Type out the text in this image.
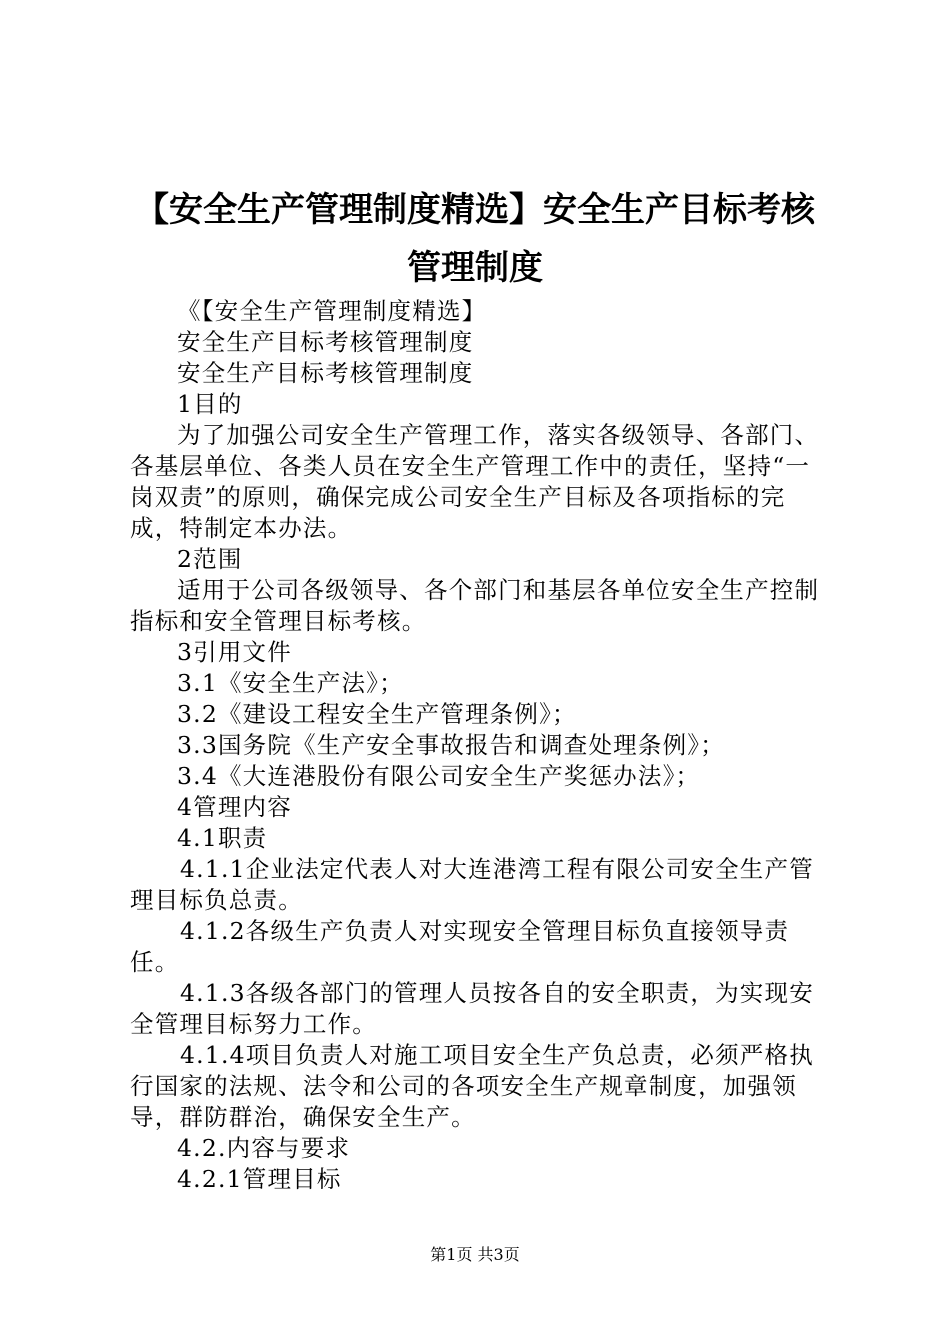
【安全生产管理制度精选】安全生产目标考核
管理制度

《【安全生产管理制度精选】

安全生产目标考核管理制度

安全生产目标考核管理制度

1目的

为了加强公司安全生产管理工作，落实各级领导、各部门、各基层单位、各类人员在安全生产管理工作中的责任，坚持“一岗双责”的原则，确保完成公司安全生产目标及各项指标的完成，特制定本办法。

2范围

适用于公司各级领导、各个部门和基层各单位安全生产控制指标和安全管理目标考核。

3引用文件

3.1《安全生产法》；

3.2《建设工程安全生产管理条例》；

3.3国务院《生产安全事故报告和调查处理条例》；

3.4《大连港股份有限公司安全生产奖惩办法》；

4管理内容

4.1职责

4.1.1企业法定代表人对大连港湾工程有限公司安全生产管理目标负总责。

4.1.2各级生产负责人对实现安全管理目标负直接领导责任。

4.1.3各级各部门的管理人员按各自的安全职责，为实现安全管理目标努力工作。

4.1.4项目负责人对施工项目安全生产负总责，必须严格执行国家的法规、法令和公司的各项安全生产规章制度，加强领导，群防群治，确保安全生产。

4.2.内容与要求

4.2.1管理目标

第1页 共3页
